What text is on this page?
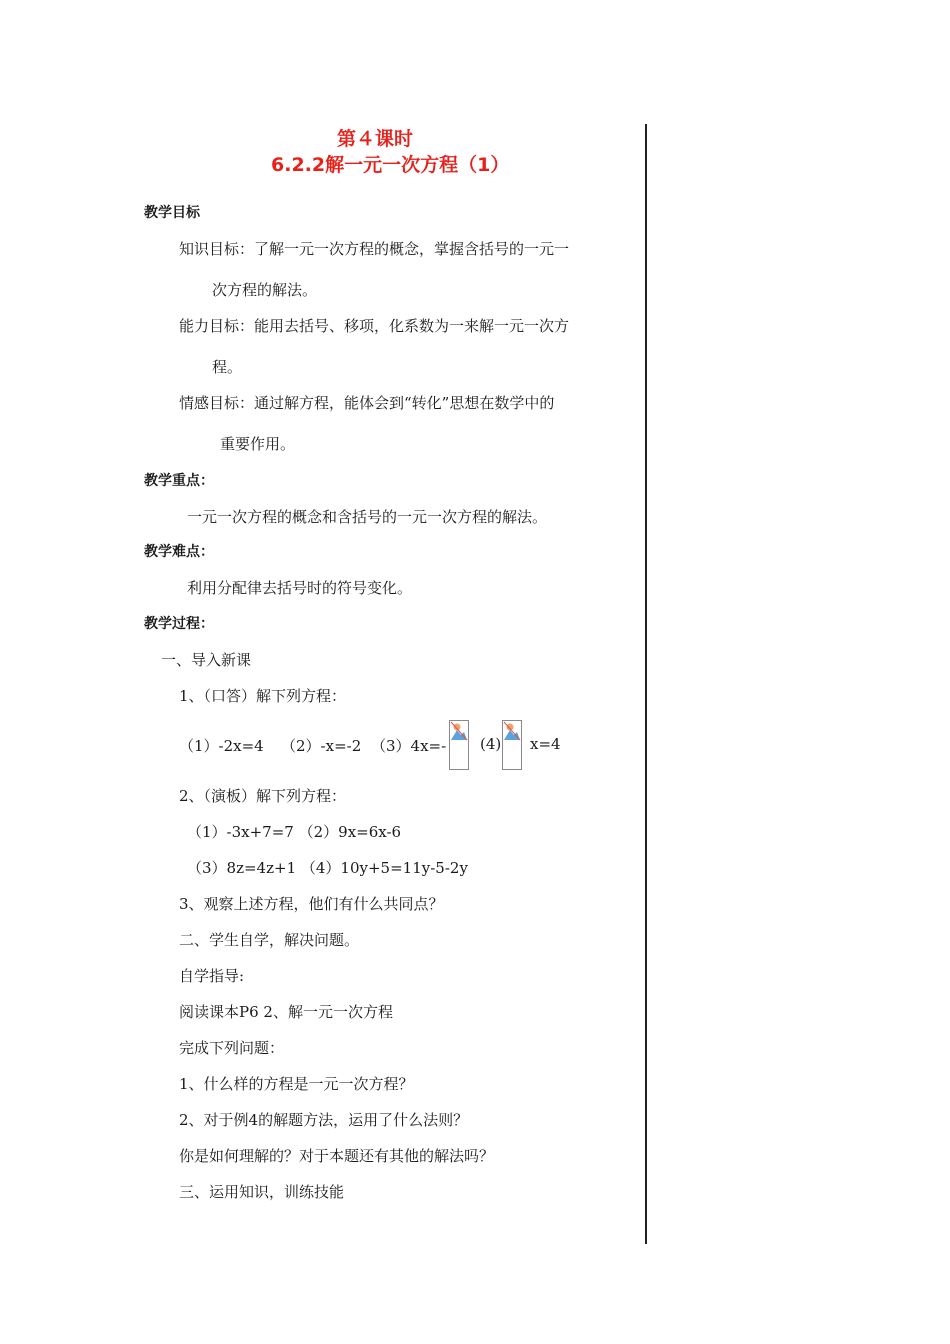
第４课时
6.2.2解一元一次方程（1）
教学目标
知识目标：了解一元一次方程的概念，掌握含括号的一元一
次方程的解法。
能力目标：能用去括号、移项，化系数为一来解一元一次方
程。
情感目标：通过解方程，能体会到“转化”思想在数学中的
重要作用。
教学重点：
一元一次方程的概念和含括号的一元一次方程的解法。
教学难点：
利用分配律去括号时的符号变化。
教学过程：
一、导入新课
1、（口答）解下列方程：
（1）-2x=4 （2）-x=-2 （3）4x=- (4) x=4
2、（演板）解下列方程：
（1）-3x+7=7 （2）9x=6x-6
（3）8z=4z+1 （4）10y+5=11y-5-2y
3、观察上述方程，他们有什么共同点？
二、学生自学，解决问题。
自学指导:
阅读课本P6 2、解一元一次方程
完成下列问题：
1、什么样的方程是一元一次方程？
2、对于例4的解题方法，运用了什么法则？
你是如何理解的？对于本题还有其他的解法吗？
三、运用知识，训练技能
